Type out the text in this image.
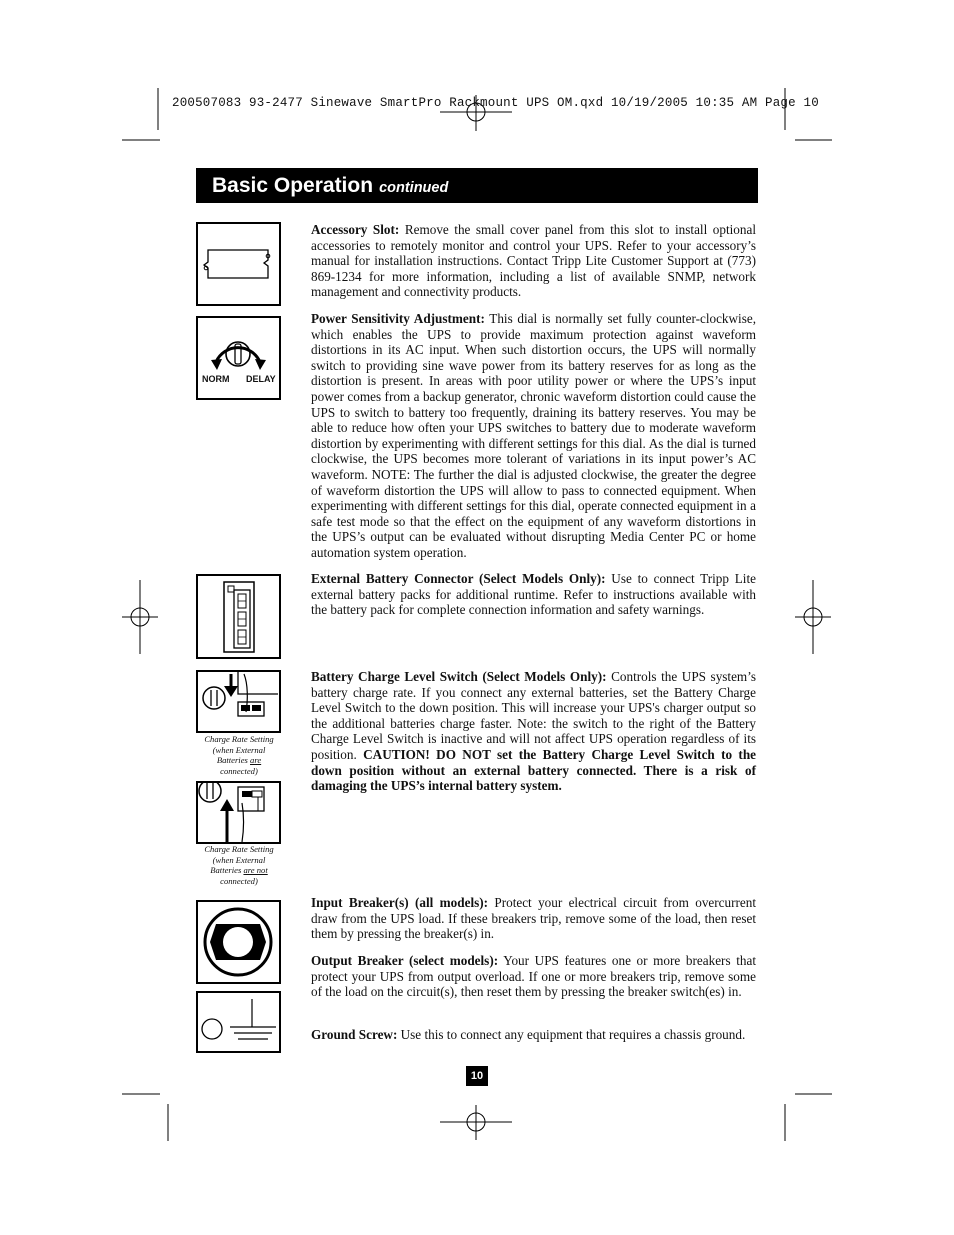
200507083 93-2477 Sinewave SmartPro Rackmount UPS OM.qxd 10/19/2005 10:35 AM Page 10
Basic Operation continued
NORM DELAY

Charge Rate Setting (when External Batteries are connected)

Charge Rate Setting (when External Batteries are not connected)

Accessory Slot: Remove the small cover panel from this slot to install optional accessories to remotely monitor and control your UPS. Refer to your accessory’s manual for installation instructions. Contact Tripp Lite Customer Support at (773) 869-1234 for more information, including a list of available SNMP, network management and connectivity products.

Power Sensitivity Adjustment: This dial is normally set fully counter-clockwise, which enables the UPS to provide maximum protection against waveform distortions in its AC input. When such distortion occurs, the UPS will normally switch to providing sine wave power from its battery reserves for as long as the distortion is present. In areas with poor utility power or where the UPS’s input power comes from a backup generator, chronic waveform distortion could cause the UPS to switch to battery too frequently, draining its battery reserves. You may be able to reduce how often your UPS switches to battery due to moderate waveform distortion by experimenting with different settings for this dial. As the dial is turned clockwise, the UPS becomes more tolerant of variations in its input power’s AC waveform. NOTE: The further the dial is adjusted clockwise, the greater the degree of waveform distortion the UPS will allow to pass to connected equipment. When experimenting with different settings for this dial, operate connected equipment in a safe test mode so that the effect on the equipment of any waveform distortions in the UPS’s output can be evaluated without disrupting Media Center PC or home automation system operation.

External Battery Connector (Select Models Only): Use to connect Tripp Lite external battery packs for additional runtime. Refer to instructions available with the battery pack for complete connection information and safety warnings.

Battery Charge Level Switch (Select Models Only): Controls the UPS system’s battery charge rate. If you connect any external batteries, set the Battery Charge Level Switch to the down position. This will increase your UPS's charger output so the additional batteries charge faster. Note: the switch to the right of the Battery Charge Level Switch is inactive and will not affect UPS operation regardless of its position. CAUTION! DO NOT set the Battery Charge Level Switch to the down position without an external battery connected. There is a risk of damaging the UPS’s internal battery system.

Input Breaker(s) (all models): Protect your electrical circuit from overcurrent draw from the UPS load. If these breakers trip, remove some of the load, then reset them by pressing the breaker(s) in.

Output Breaker (select models): Your UPS features one or more breakers that protect your UPS from output overload. If one or more breakers trip, remove some of the load on the circuit(s), then reset them by pressing the breaker switch(es) in.

Ground Screw: Use this to connect any equipment that requires a chassis ground.

10
